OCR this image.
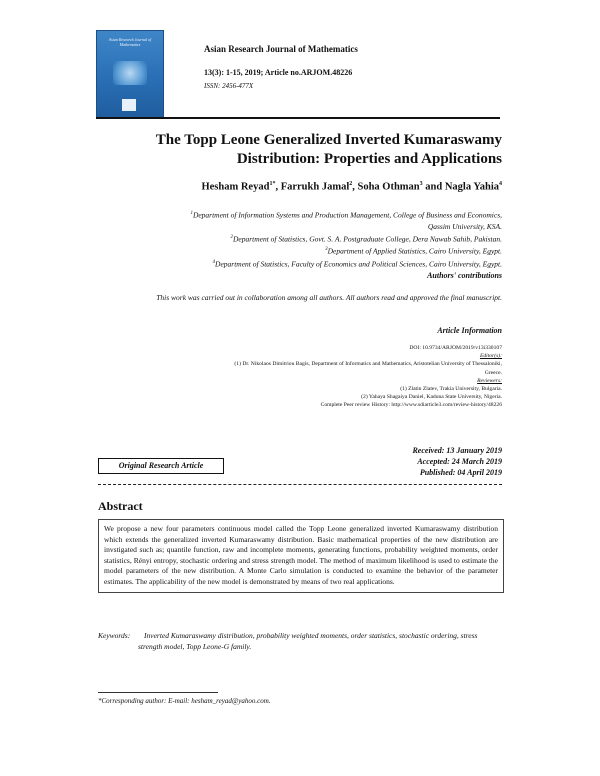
Asian Research Journal of Mathematics	Asian Research Journal of Mathematics
13(3): 1-15, 2019; Article no.ARJOM.48226
ISSN: 2456-477X
The Topp Leone Generalized Inverted Kumaraswamy
Distribution: Properties and Applications
Hesham Reyad$^{1*}$, Farrukh Jamal$^2$, Soha Othman$^3$ and Nagla Yahia$^4$
$^1$Department of Information Systems and Production Management, College of Business and Economics,
Qassim University, KSA.
$^2$Department of Statistics, Govt. S. A. Postgraduate College, Dera Nawab Sahib, Pakistan.
$^3$Department of Applied Statistics, Cairo University, Egypt.
$^4$Department of Statistics, Faculty of Economics and Political Sciences, Cairo University, Egypt.
Authors' contributions
This work was carried out in collaboration among all authors. All authors read and approved the final manuscript.
Article Information
DOI: 10.9734/ARJOM/2019/v13i330107
Editor(s):
(1) Dr. Nikolaos Dimitriou Bagis, Department of Informatics and Mathematics, Aristotelian University of Thessaloniki,
Greece.
Reviewers:
(1) Zlatin Zlatev, Trakia University, Bulgaria.
(2) Yahaya Shagaiya Daniel, Kaduna State University, Nigeria.
Complete Peer review History: http://www.sdiarticle3.com/review-history/48226
Original Research Article
Received: 13 January 2019
Accepted: 24 March 2019
Published: 04 April 2019
Abstract
We propose a new four parameters continuous model called the Topp Leone generalized inverted Kumaraswamy distribution which extends the generalized inverted Kumaraswamy distribution. Basic mathematical properties of the new distribution are invstigated such as; quantile function, raw and incomplete moments, generating functions, probability weighted moments, order statistics, Rényi entropy, stochastic ordering and stress strength model. The method of maximum likelihood is used to estimate the model parameters of the new distribution. A Monte Carlo simulation is conducted to examine the behavior of the parameter estimates. The applicability of the new model is demonstrated by means of two real applications.
Keywords:	Inverted Kumaraswamy distribution, probability weighted moments, order statistics, stochastic ordering, stress strength model, Topp Leone-G family.
*Corresponding author: E-mail: hesham_reyad@yahoo.com.
